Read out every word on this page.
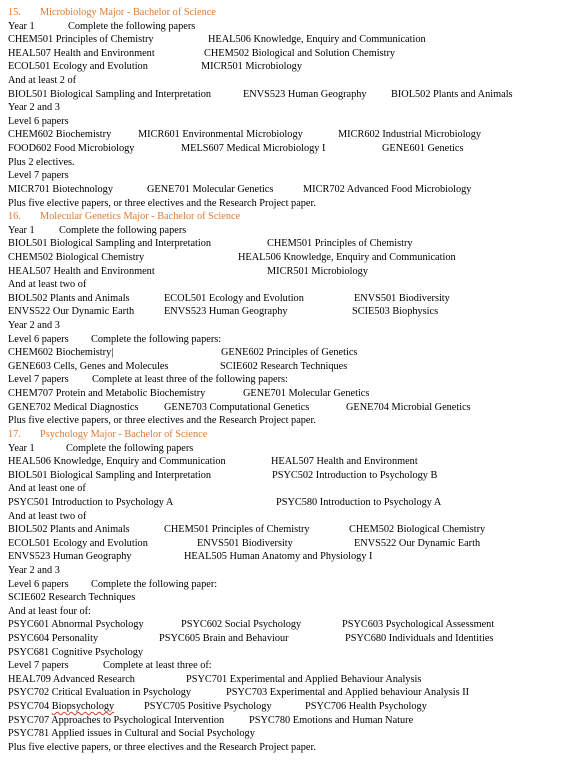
15. Microbiology Major - Bachelor of Science
Year 1	Complete the following papers
CHEM501 Principles of Chemistry	HEAL506 Knowledge, Enquiry and Communication
HEAL507 Health and Environment	CHEM502 Biological and Solution Chemistry
ECOL501 Ecology and Evolution	MICR501 Microbiology
And at least 2 of
BIOL501 Biological Sampling and Interpretation	ENVS523 Human Geography BIOL502 Plants and Animals
Year 2 and 3
Level 6 papers
CHEM602 Biochemistry	MICR601 Environmental Microbiology	MICR602 Industrial Microbiology
FOOD602 Food Microbiology	MELS607 Medical Microbiology I	GENE601 Genetics
Plus 2 electives.
Level 7 papers
MICR701 Biotechnology	GENE701 Molecular Genetics	MICR702 Advanced Food Microbiology
Plus five elective papers, or three electives and the Research Project paper.
16. Molecular Genetics Major - Bachelor of Science
Year 1 Complete the following papers
BIOL501 Biological Sampling and Interpretation	CHEM501 Principles of Chemistry
CHEM502 Biological Chemistry	HEAL506 Knowledge, Enquiry and Communication
HEAL507 Health and Environment	MICR501 Microbiology
And at least two of
BIOL502 Plants and Animals	ECOL501 Ecology and Evolution	ENVS501 Biodiversity
ENVS522 Our Dynamic Earth	ENVS523 Human Geography	SCIE503 Biophysics
Year 2 and 3
Level 6 papers Complete the following papers:
CHEM602 Biochemistry|	GENE602 Principles of Genetics
GENE603 Cells, Genes and Molecules	SCIE602 Research Techniques
Level 7 papers Complete at least three of the following papers:
CHEM707 Protein and Metabolic Biochemistry	GENE701 Molecular Genetics
GENE702 Medical Diagnostics GENE703 Computational Genetics	GENE704 Microbial Genetics
Plus five elective papers, or three electives and the Research Project paper.
17. Psychology Major - Bachelor of Science
Year 1	Complete the following papers
HEAL506 Knowledge, Enquiry and Communication	HEAL507 Health and Environment
BIOL501 Biological Sampling and Interpretation	PSYC502 Introduction to Psychology B
And at least one of
PSYC501 Introduction to Psychology A	PSYC580 Introduction to Psychology A
And at least two of
BIOL502 Plants and Animals	CHEM501 Principles of Chemistry	CHEM502 Biological Chemistry
ECOL501 Ecology and Evolution	ENVS501 Biodiversity	ENVS522 Our Dynamic Earth
ENVS523 Human Geography	HEAL505 Human Anatomy and Physiology I
Year 2 and 3
Level 6 papers Complete the following paper:
SCIE602 Research Techniques
And at least four of:
PSYC601 Abnormal Psychology	PSYC602 Social Psychology	PSYC603 Psychological Assessment
PSYC604 Personality	PSYC605 Brain and Behaviour	PSYC680 Individuals and Identities
PSYC681 Cognitive Psychology
Level 7 papers	Complete at least three of:
HEAL709 Advanced Research	PSYC701 Experimental and Applied Behaviour Analysis
PSYC702 Critical Evaluation in Psychology	PSYC703 Experimental and Applied behaviour Analysis II
PSYC704 Biopsychology	PSYC705 Positive Psychology	PSYC706 Health Psychology
PSYC707 Approaches to Psychological Intervention PSYC780 Emotions and Human Nature
PSYC781 Applied issues in Cultural and Social Psychology
Plus five elective papers, or three electives and the Research Project paper.
